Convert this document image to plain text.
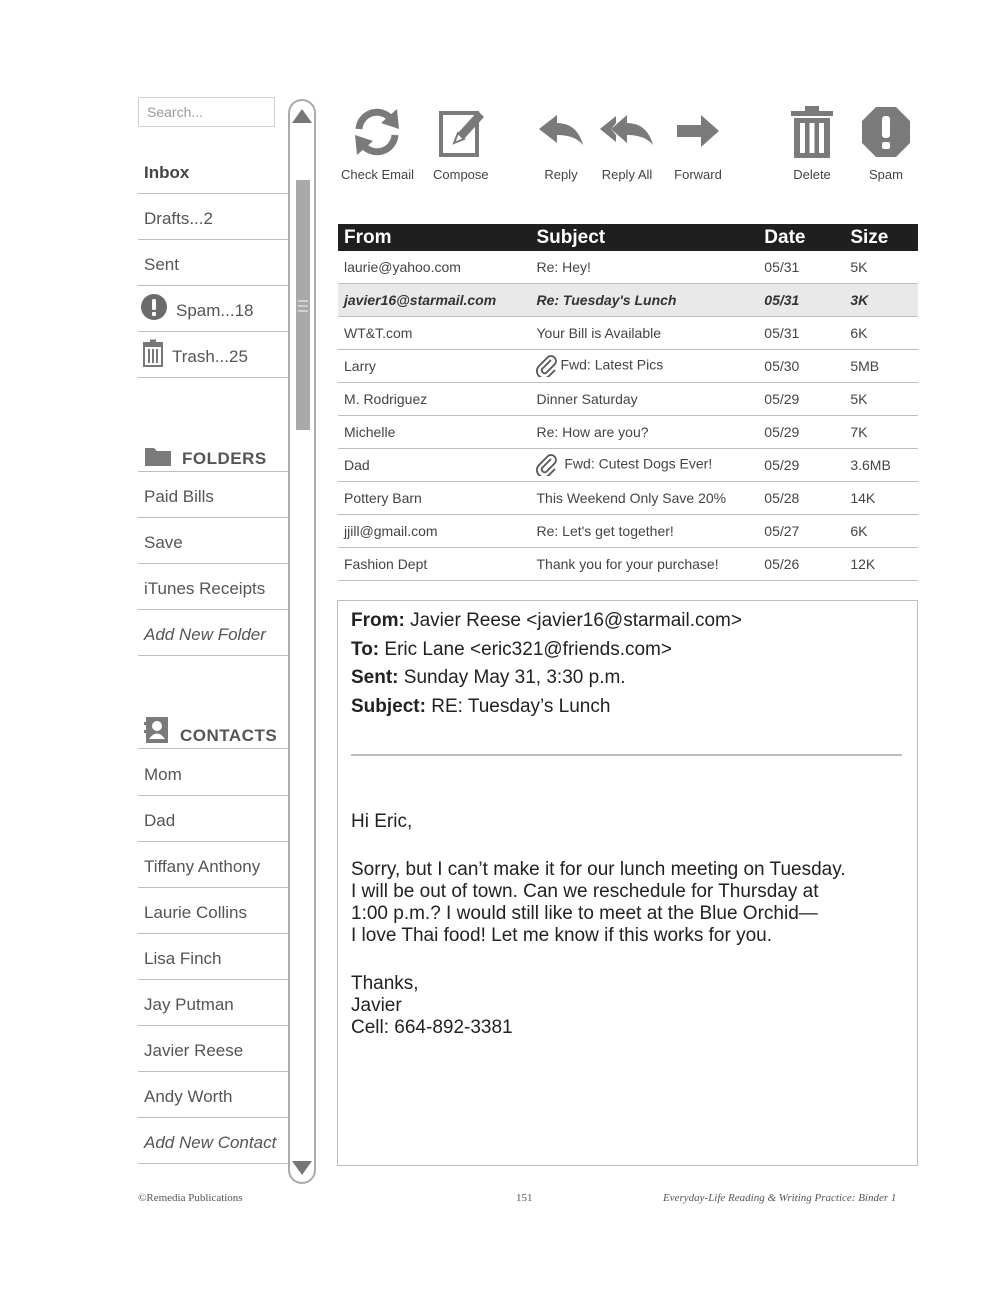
Search...
Inbox
Drafts...2
Sent
Spam...18
Trash...25
FOLDERS
Paid Bills
Save
iTunes Receipts
Add New Folder
CONTACTS
Mom
Dad
Tiffany Anthony
Laurie Collins
Lisa Finch
Jay Putman
Javier Reese
Andy Worth
Add New Contact
Check Email Compose	Reply Reply All Forward	Delete	Spam
From	Subject	Date	Size
laurie@yahoo.com	Re: Hey!	05/31	5K
javier16@starmail.com	Re: Tuesday's Lunch	05/31	3K
WT&T.com	Your Bill is Available	05/31	6K
Larry	Fwd: Latest Pics	05/30	5MB
M. Rodriguez	Dinner Saturday	05/29	5K
Michelle	Re: How are you?	05/29	7K
Dad	Fwd: Cutest Dogs Ever!	05/29	3.6MB
Pottery Barn	This Weekend Only Save 20%	05/28	14K
jjill@gmail.com	Re: Let's get together!	05/27	6K
Fashion Dept	Thank you for your purchase!	05/26	12K
From: Javier Reese <javier16@starmail.com>
To: Eric Lane <eric321@friends.com>
Sent: Sunday May 31, 3:30 p.m.
Subject: RE: Tuesday’s Lunch
Hi Eric,
Sorry, but I can’t make it for our lunch meeting on Tuesday.
I will be out of town. Can we reschedule for Thursday at
1:00 p.m.? I would still like to meet at the Blue Orchid—
I love Thai food! Let me know if this works for you.
Thanks,
Javier
Cell: 664-892-3381
©Remedia Publications	151	Everyday-Life Reading & Writing Practice: Binder 1
